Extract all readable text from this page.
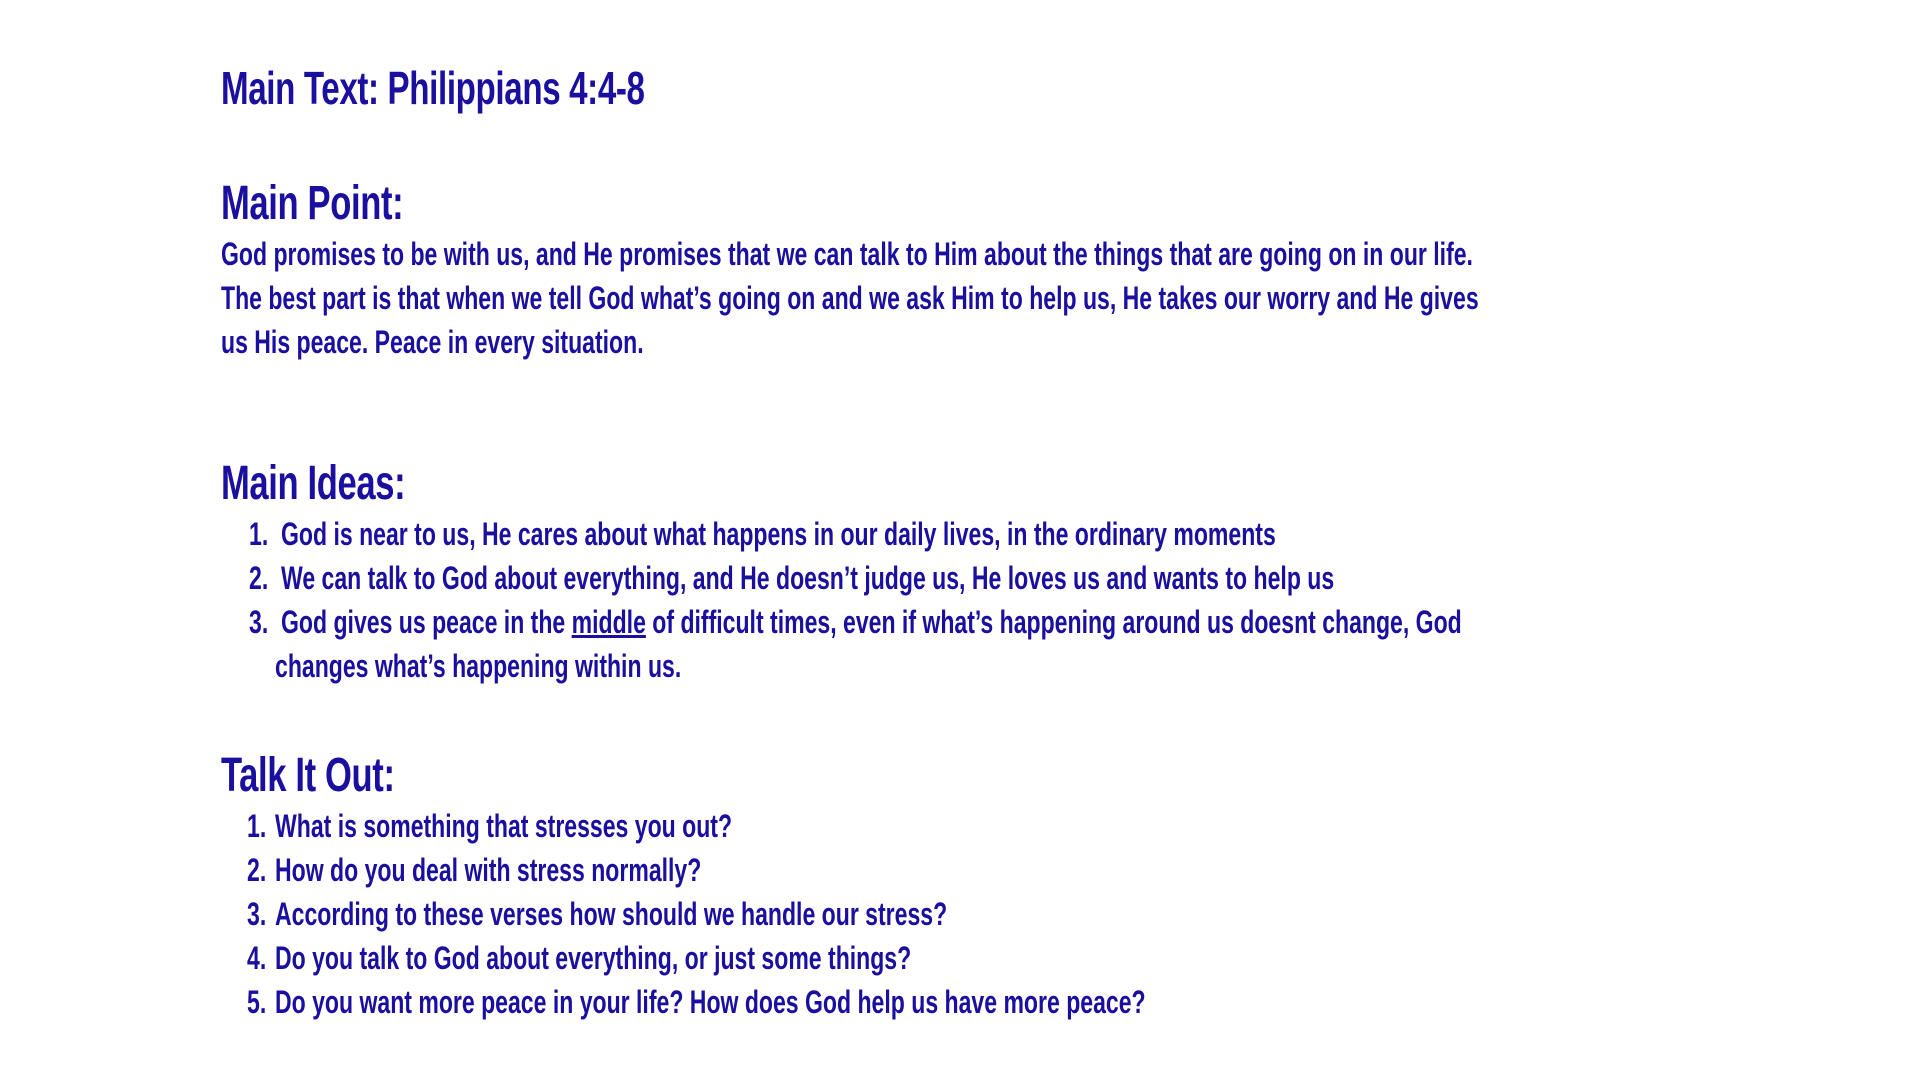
Main Text: Philippians 4:4-8
Main Point:
God promises to be with us, and He promises that we can talk to Him about the things that are going on in our life.
The best part is that when we tell God what’s going on and we ask Him to help us, He takes our worry and He gives
us His peace. Peace in every situation.
Main Ideas:
1. God is near to us, He cares about what happens in our daily lives, in the ordinary moments
2. We can talk to God about everything, and He doesn’t judge us, He loves us and wants to help us
3. God gives us peace in the middle of difficult times, even if what’s happening around us doesnt change, God
changes what’s happening within us.
Talk It Out:
1. What is something that stresses you out?
2. How do you deal with stress normally?
3. According to these verses how should we handle our stress?
4. Do you talk to God about everything, or just some things?
5. Do you want more peace in your life? How does God help us have more peace?
